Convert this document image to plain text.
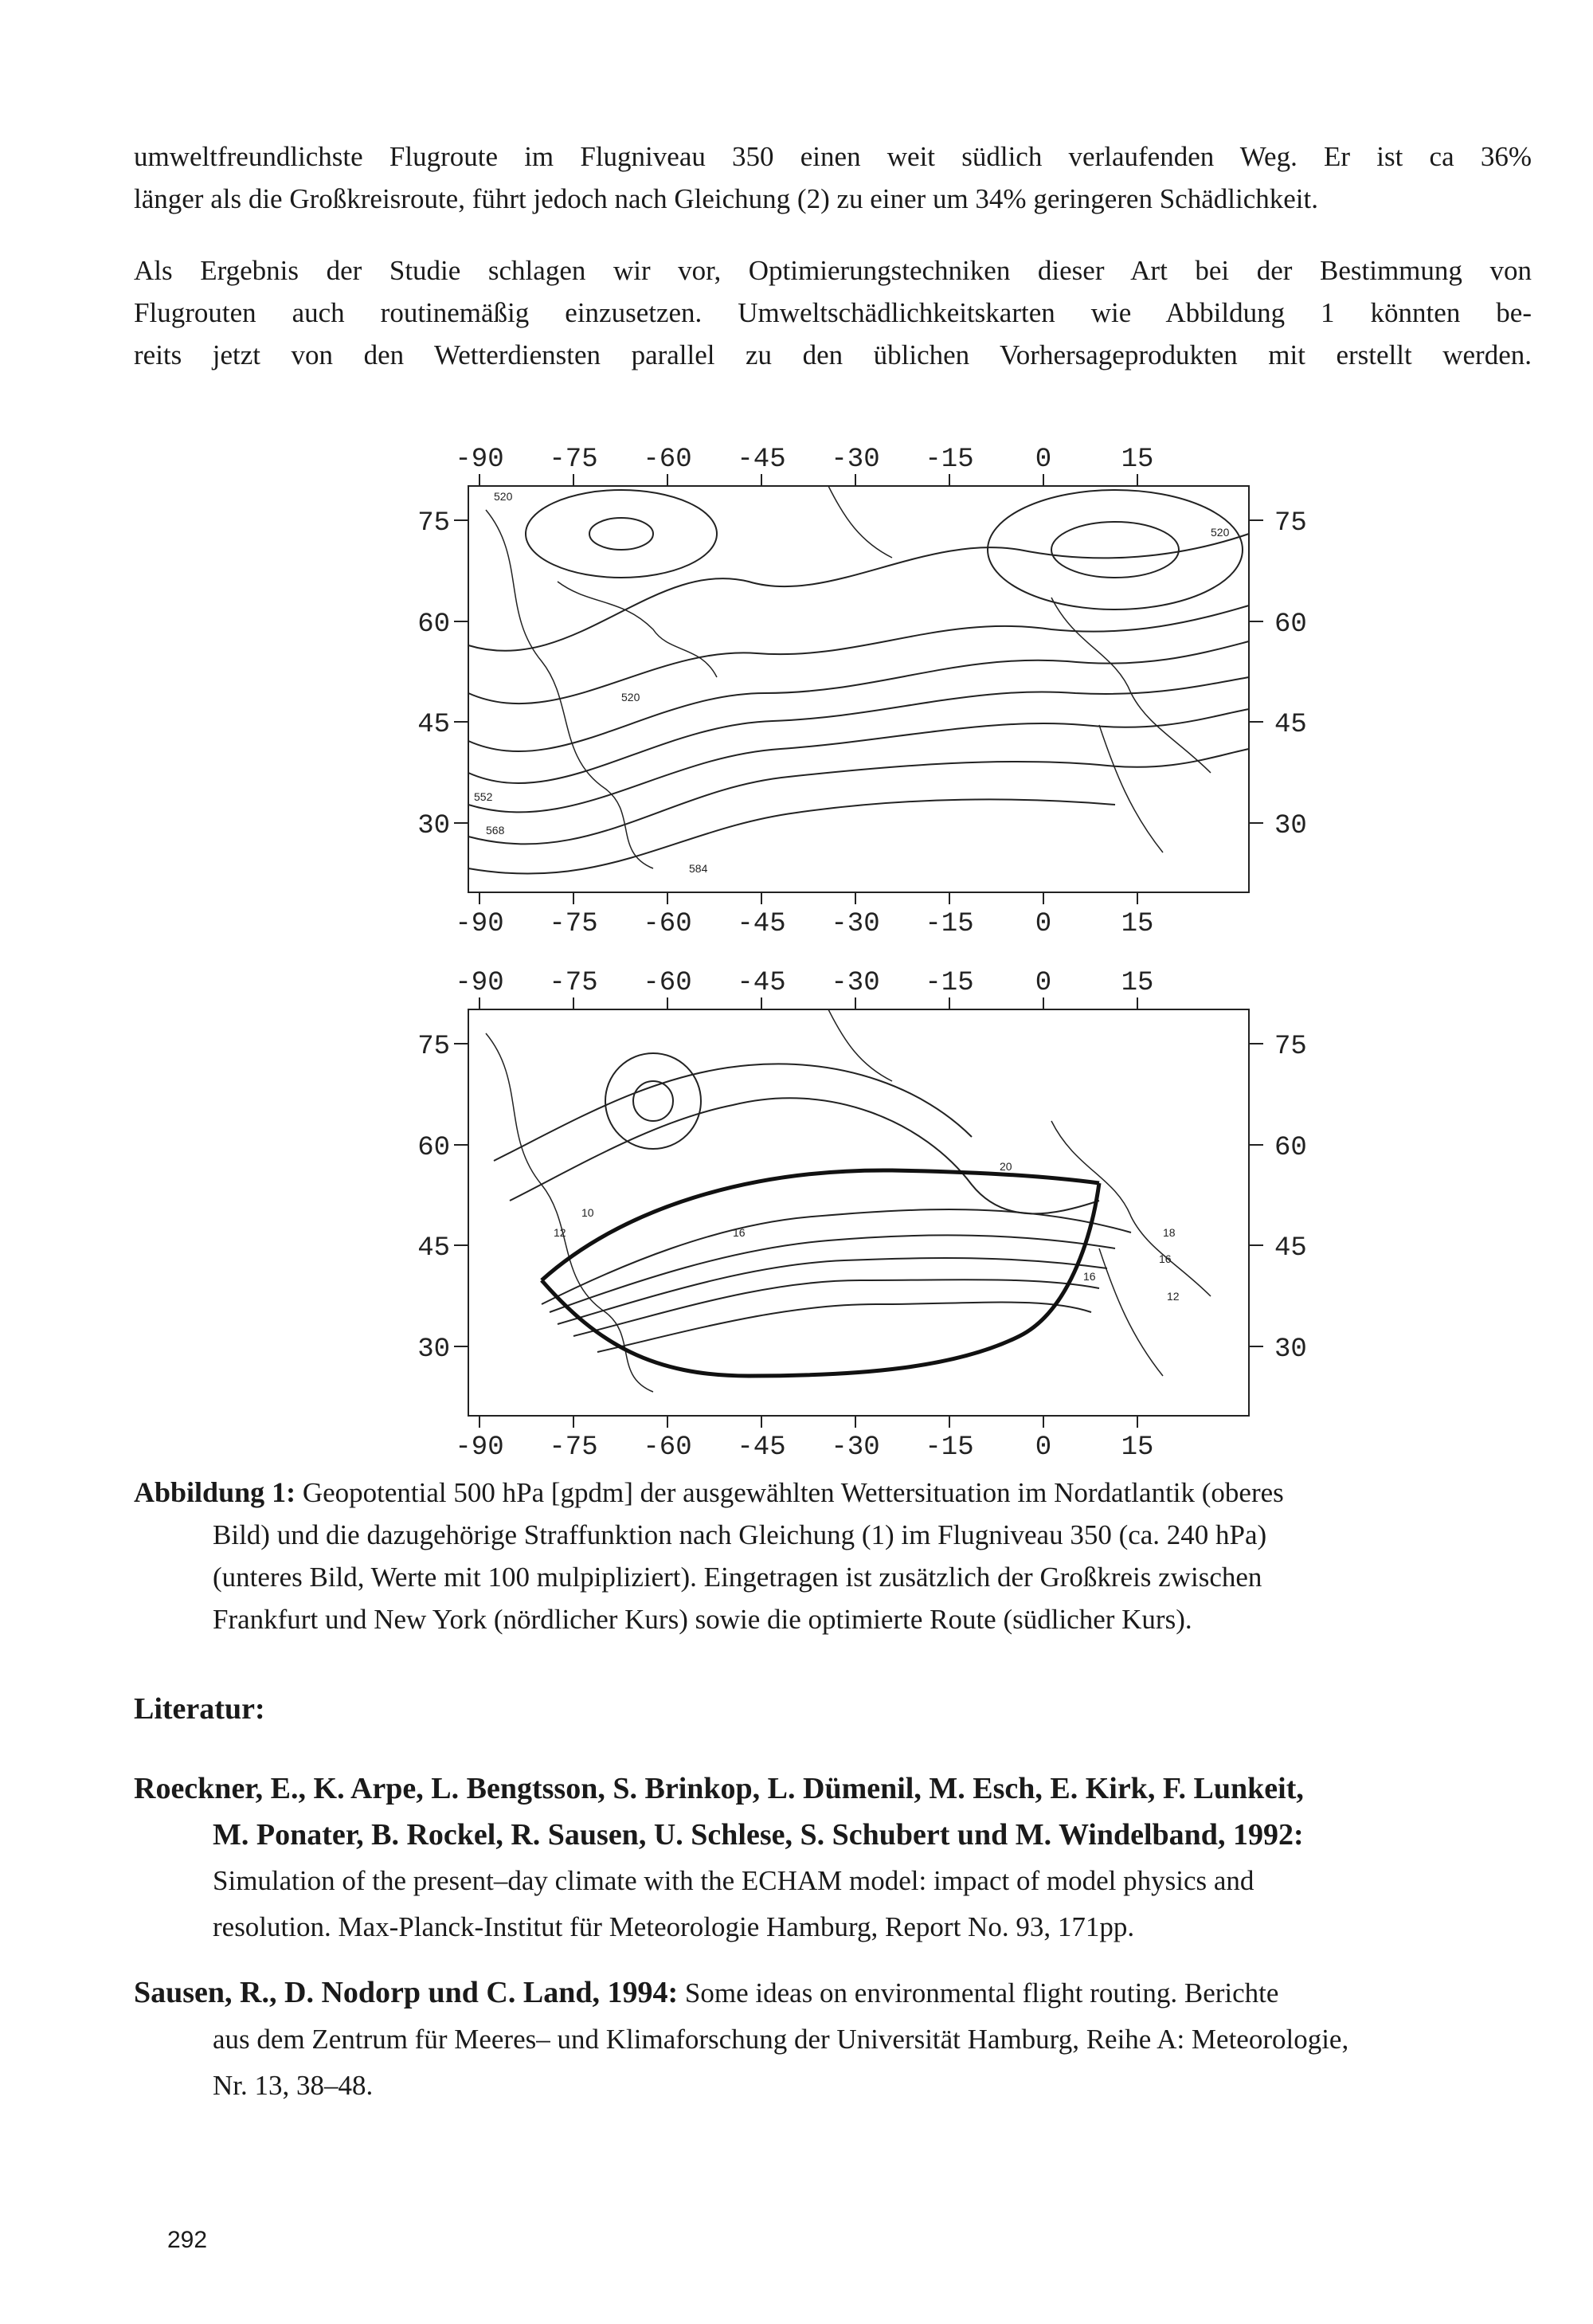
umweltfreundlichste Flugroute im Flugniveau 350 einen weit südlich verlaufenden Weg. Er ist ca 36%
länger als die Großkreisroute, führt jedoch nach Gleichung (2) zu einer um 34% geringeren Schädlichkeit.

Als Ergebnis der Studie schlagen wir vor, Optimierungstechniken dieser Art bei der Bestimmung von
Flugrouten auch routinemäßig einzusetzen. Umweltschädlichkeitskarten wie Abbildung 1 könnten be-
reits jetzt von den Wetterdiensten parallel zu den üblichen Vorhersageprodukten mit erstellt werden.

-90 -75 -60 -45 -30 -15 0	15
-90 -75 -60 -45 -30 -15 0	15
75
60
45
30
75
60
45
30
520
520
520
552
568
584
-90 -75 -60 -45 -30 -15 0	15
-90 -75 -60 -45 -30 -15 0	15
75
60
45
30
75
60
45
30
10
12	16
20
16
18
16
12
Abbildung 1: Geopotential 500 hPa [gpdm] der ausgewählten Wettersituation im Nordatlantik (oberes
Bild) und die dazugehörige Straffunktion nach Gleichung (1) im Flugniveau 350 (ca. 240 hPa)
(unteres Bild, Werte mit 100 mulpipliziert). Eingetragen ist zusätzlich der Großkreis zwischen
Frankfurt und New York (nördlicher Kurs) sowie die optimierte Route (südlicher Kurs).
Literatur:
Roeckner, E., K. Arpe, L. Bengtsson, S. Brinkop, L. Dümenil, M. Esch, E. Kirk, F. Lunkeit,
M. Ponater, B. Rockel, R. Sausen, U. Schlese, S. Schubert und M. Windelband, 1992:
Simulation of the present–day climate with the ECHAM model: impact of model physics and
resolution. Max-Planck-Institut für Meteorologie Hamburg, Report No. 93, 171pp.
Sausen, R., D. Nodorp und C. Land, 1994: Some ideas on environmental flight routing. Berichte
aus dem Zentrum für Meeres– und Klimaforschung der Universität Hamburg, Reihe A: Meteorologie,
Nr. 13, 38–48.

292
